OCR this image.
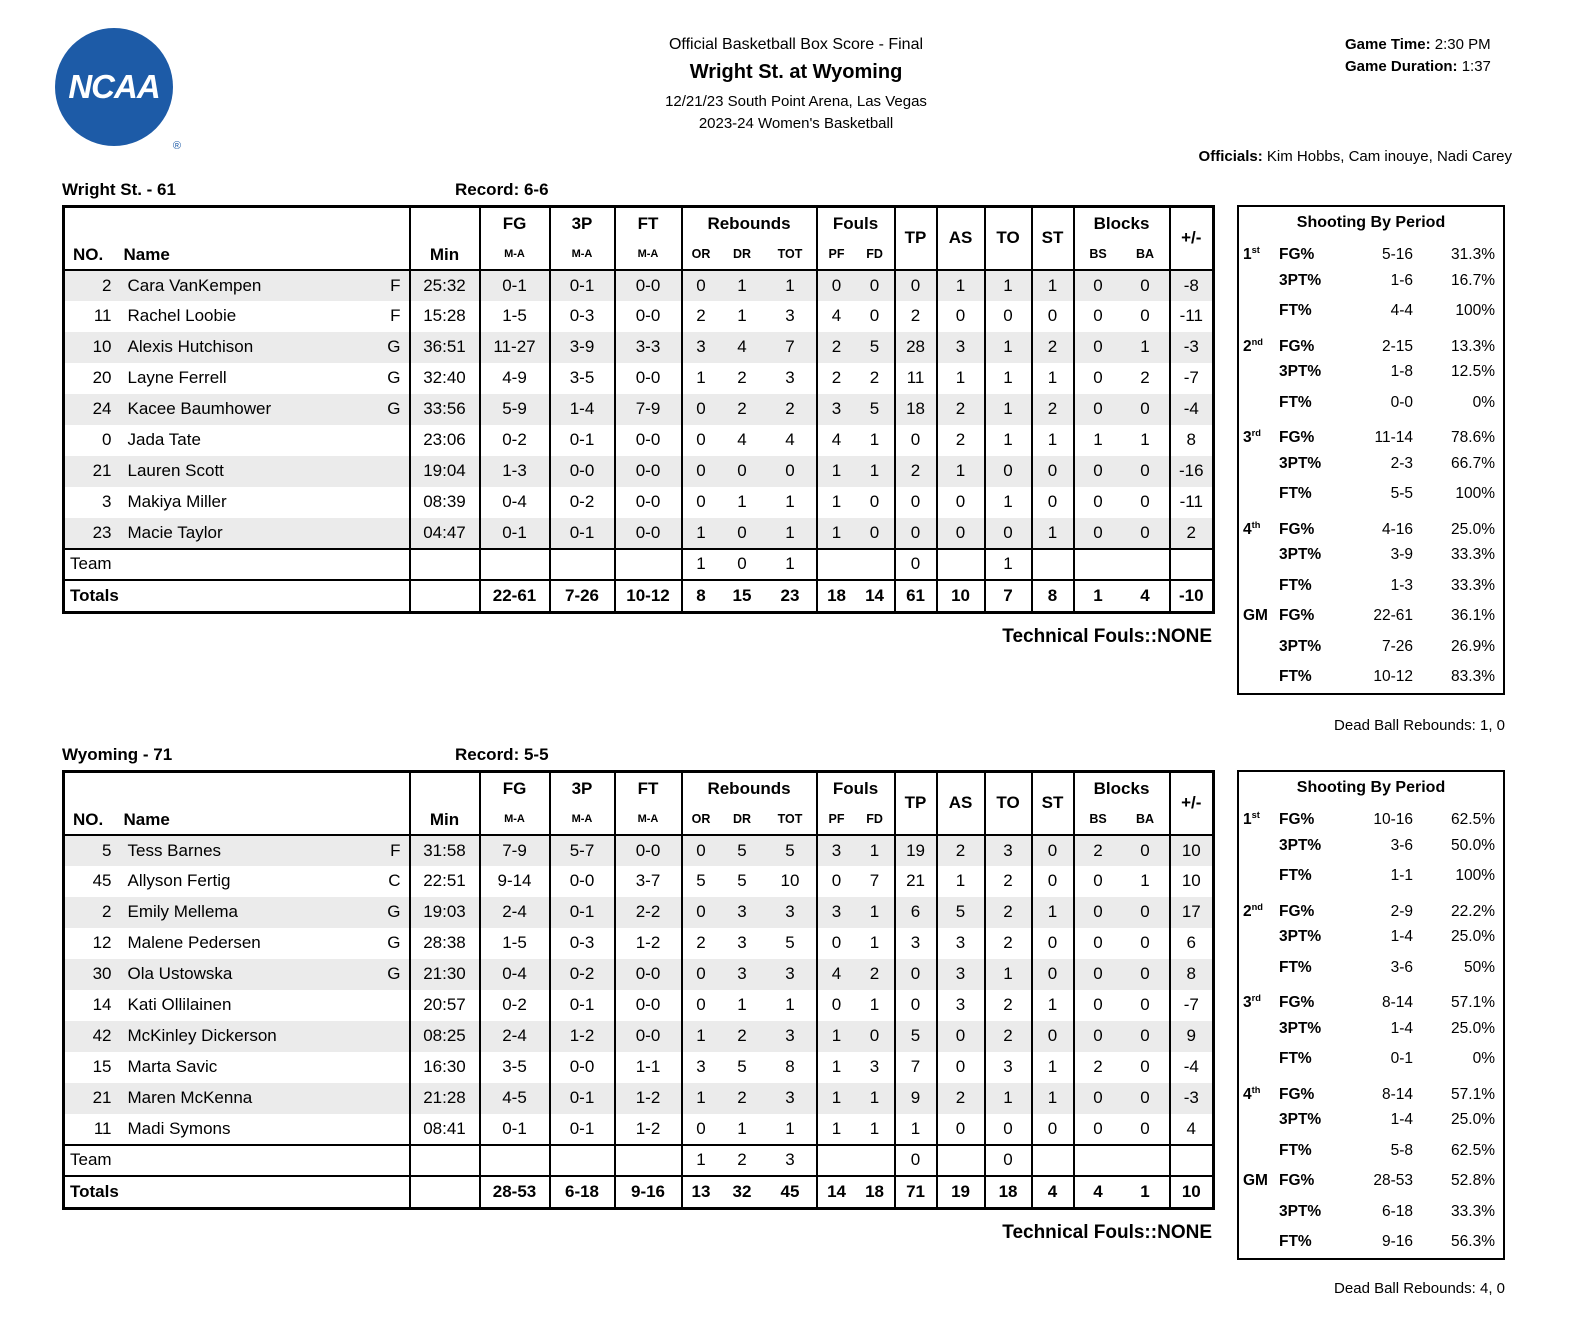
NCAA
®
Official Basketball Box Score - Final
Wright St. at Wyoming
12/21/23 South Point Arena, Las Vegas
2023-24 Women's Basketball
Game Time: 2:30 PM
Game Duration: 1:37
Officials: Kim Hobbs, Cam inouye, Nadi Carey
Wright St. - 61	Record: 6-6
NO.	Name	Min	FG	3P	FT	Rebounds			Fouls		TP	AS	TO	ST	Blocks		+/-
			M-A	M-A	M-A	OR	DR	TOT	PF	FD					BS	BA	
2	Cara VanKempen F	25:32	0-1	0-1	0-0	0	1	1	0	0	0	1	1	1	0	0	-8
11	Rachel Loobie F	15:28	1-5	0-3	0-0	2	1	3	4	0	2	0	0	0	0	0	-11
10	Alexis Hutchison G	36:51	11-27	3-9	3-3	3	4	7	2	5	28	3	1	2	0	1	-3
20	Layne Ferrell G	32:40	4-9	3-5	0-0	1	2	3	2	2	11	1	1	1	0	2	-7
24	Kacee Baumhower G	33:56	5-9	1-4	7-9	0	2	2	3	5	18	2	1	2	0	0	-4
0	Jada Tate	23:06	0-2	0-1	0-0	0	4	4	4	1	0	2	1	1	1	1	8
21	Lauren Scott	19:04	1-3	0-0	0-0	0	0	0	1	1	2	1	0	0	0	0	-16
3	Makiya Miller	08:39	0-4	0-2	0-0	0	1	1	1	0	0	0	1	0	0	0	-11
23	Macie Taylor	04:47	0-1	0-1	0-0	1	0	1	1	0	0	0	0	1	0	0	2
Team						1	0	1			0		1				
Totals			22-61	7-26	10-12	8	15	23	18	14	61	10	7	8	1	4	-10
Technical Fouls::NONE
Shooting By Period
1st	FG%	5-16	31.3%
3PT%	1-6	16.7%
FT%	4-4	100%
2nd	FG%	2-15	13.3%
3PT%	1-8	12.5%
FT%	0-0	0%
3rd	FG%	11-14	78.6%
3PT%	2-3	66.7%
FT%	5-5	100%
4th	FG%	4-16	25.0%
3PT%	3-9	33.3%
FT%	1-3	33.3%
GM FG%	22-61	36.1%
3PT%	7-26	26.9%
FT%	10-12	83.3%
Dead Ball Rebounds: 1, 0
Wyoming - 71	Record: 5-5
NO.	Name	Min	FG	3P	FT	Rebounds			Fouls		TP	AS	TO	ST	Blocks		+/-
			M-A	M-A	M-A	OR	DR	TOT	PF	FD					BS	BA	
5	Tess Barnes F	31:58	7-9	5-7	0-0	0	5	5	3	1	19	2	3	0	2	0	10
45	Allyson Fertig C	22:51	9-14	0-0	3-7	5	5	10	0	7	21	1	2	0	0	1	10
2	Emily Mellema G	19:03	2-4	0-1	2-2	0	3	3	3	1	6	5	2	1	0	0	17
12	Malene Pedersen G	28:38	1-5	0-3	1-2	2	3	5	0	1	3	3	2	0	0	0	6
30	Ola Ustowska G	21:30	0-4	0-2	0-0	0	3	3	4	2	0	3	1	0	0	0	8
14	Kati Ollilainen	20:57	0-2	0-1	0-0	0	1	1	0	1	0	3	2	1	0	0	-7
42	McKinley Dickerson	08:25	2-4	1-2	0-0	1	2	3	1	0	5	0	2	0	0	0	9
15	Marta Savic	16:30	3-5	0-0	1-1	3	5	8	1	3	7	0	3	1	2	0	-4
21	Maren McKenna	21:28	4-5	0-1	1-2	1	2	3	1	1	9	2	1	1	0	0	-3
11	Madi Symons	08:41	0-1	0-1	1-2	0	1	1	1	1	1	0	0	0	0	0	4
Team						1	2	3			0		0				
Totals			28-53	6-18	9-16	13	32	45	14	18	71	19	18	4	4	1	10
Technical Fouls::NONE
Shooting By Period
1st	FG%	10-16	62.5%
3PT%	3-6	50.0%
FT%	1-1	100%
2nd	FG%	2-9	22.2%
3PT%	1-4	25.0%
FT%	3-6	50%
3rd	FG%	8-14	57.1%
3PT%	1-4	25.0%
FT%	0-1	0%
4th	FG%	8-14	57.1%
3PT%	1-4	25.0%
FT%	5-8	62.5%
GM FG%	28-53	52.8%
3PT%	6-18	33.3%
FT%	9-16	56.3%
Dead Ball Rebounds: 4, 0
